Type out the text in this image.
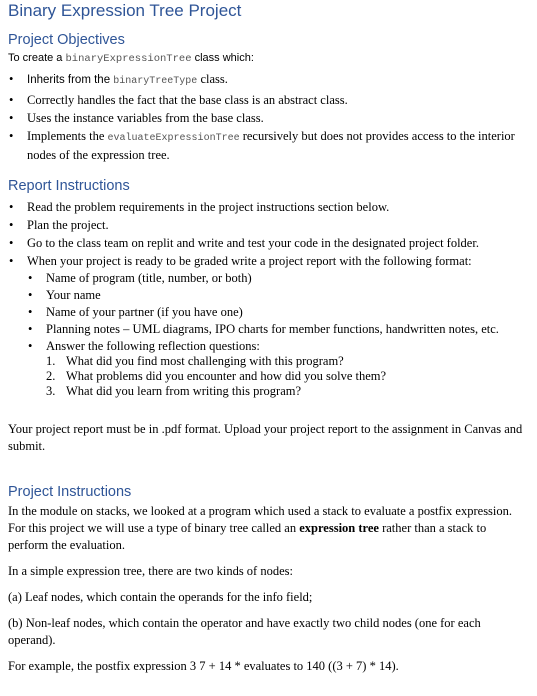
Binary Expression Tree Project
Project Objectives
To create a binaryExpressionTree class which:
• Inherits from the binaryTreeType class.
• Correctly handles the fact that the base class is an abstract class.
• Uses the instance variables from the base class.
• Implements the evaluateExpressionTree recursively but does not provides access to the interior nodes of the expression tree.
Report Instructions
• Read the problem requirements in the project instructions section below.
• Plan the project.
• Go to the class team on replit and write and test your code in the designated project folder.
• When your project is ready to be graded write a project report with the following format:
• Name of program (title, number, or both)
• Your name
• Name of your partner (if you have one)
• Planning notes – UML diagrams, IPO charts for member functions, handwritten notes, etc.
• Answer the following reflection questions:
1. What did you find most challenging with this program?
2. What problems did you encounter and how did you solve them?
3. What did you learn from writing this program?

Your project report must be in .pdf format. Upload your project report to the assignment in Canvas and submit.

Project Instructions

In the module on stacks, we looked at a program which used a stack to evaluate a postfix expression. For this project we will use a type of binary tree called an expression tree rather than a stack to perform the evaluation.

In a simple expression tree, there are two kinds of nodes:

(a) Leaf nodes, which contain the operands for the info field;

(b) Non-leaf nodes, which contain the operator and have exactly two child nodes (one for each operand).

For example, the postfix expression 3 7 + 14 * evaluates to 140 ((3 + 7) * 14).
